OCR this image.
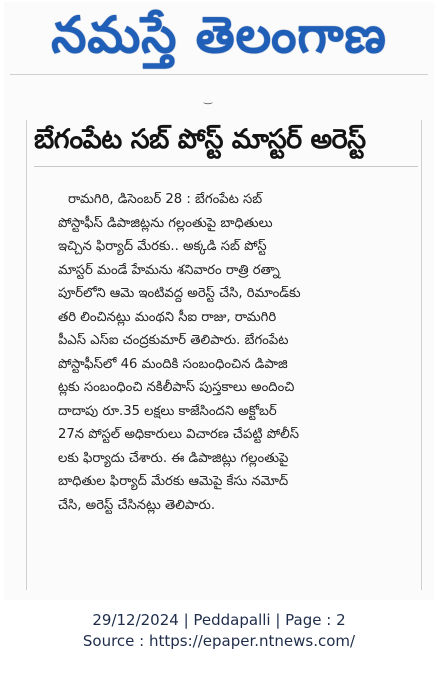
నమస్తే తెలంగాణ
‿
బేగంపేట సబ్ పోస్ట్ మాస్టర్ అరెస్ట్
రామగిరి, డిసెంబర్ 28 : బేగంపేట సబ్
పోస్టాఫీస్ డిపాజిట్లను గల్లంతుపై బాధితులు
ఇచ్చిన ఫిర్యాద్ మేరకు.. అక్కడి సబ్ పోస్ట్
మాస్టర్ మండే హేమను శనివారం రాత్రి రత్నా
పూర్‌లోని ఆమె ఇంటివద్ద అరెస్ట్ చేసి, రిమాండ్‌కు
తరి లించినట్లు మంథని సీఐ రాజు, రామగిరి
పీఎస్ ఎస్ఐ చంద్రకుమార్ తెలిపారు. బేగంపేట
పోస్టాఫీస్‌లో 46 మందికి సంబంధించిన డిపాజి
ట్లకు సంబంధించి నకిలీపాస్ పుస్తకాలు అందించి
దాదాపు రూ.35 లక్షలు కాజేసిందని అక్టోబర్
27న పోస్టల్ అధికారులు విచారణ చేపట్టి పోలీస్
లకు ఫిర్యాదు చేశారు. ఈ డిపాజిట్లు గల్లంతుపై
బాధితుల ఫిర్యాద్ మేరకు ఆమెపై కేసు నమోద్
చేసి, అరెస్ట్ చేసినట్లు తెలిపారు.
29/12/2024 | Peddapalli | Page : 2
Source : https://epaper.ntnews.com/
